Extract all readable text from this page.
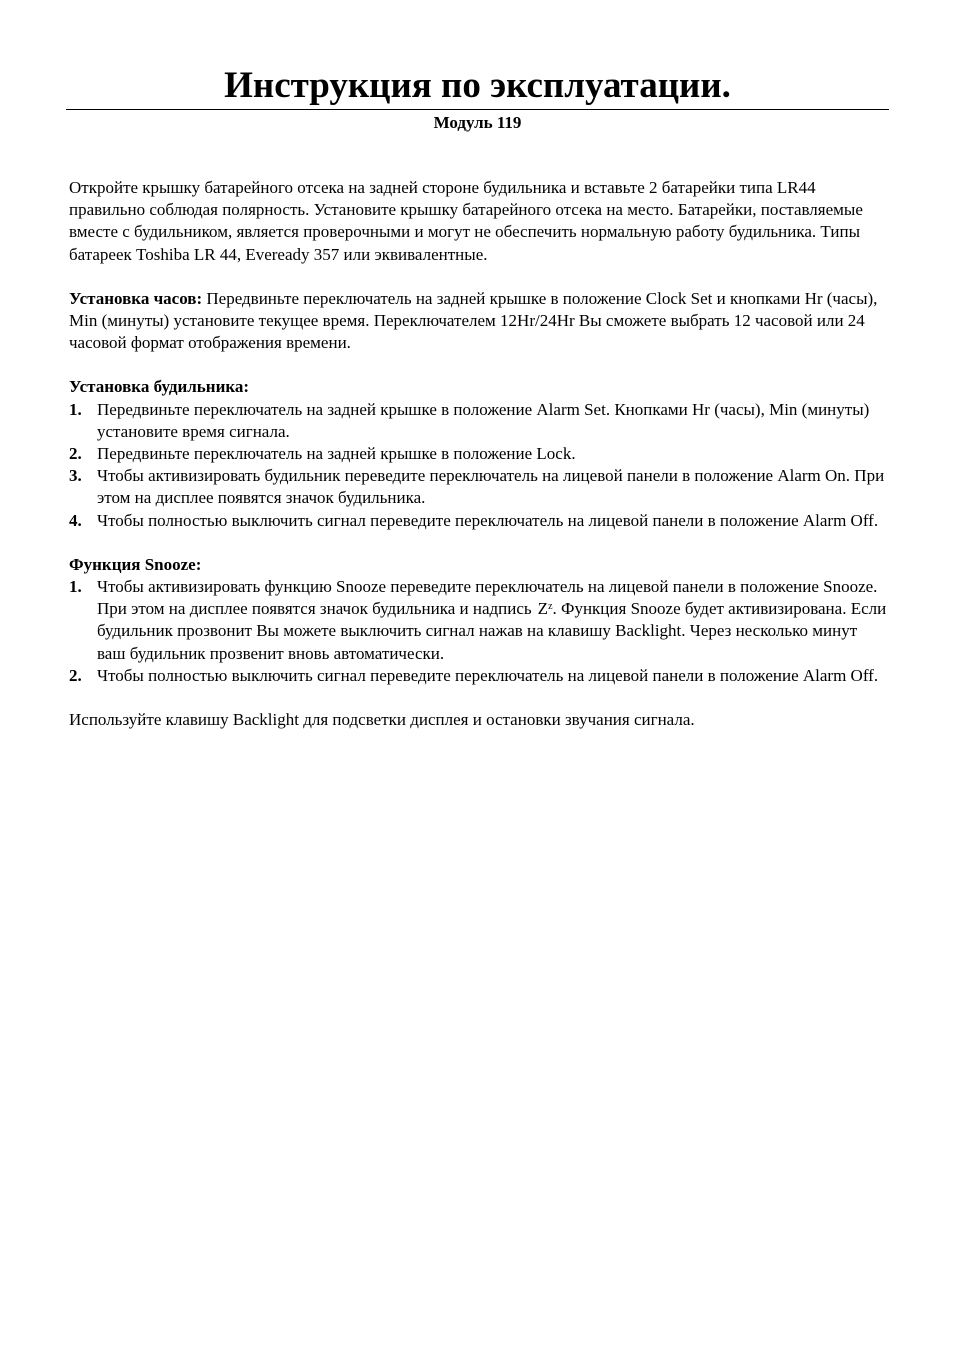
Инструкция по эксплуатации.
Модуль 119

Откройте крышку батарейного отсека на задней стороне будильника и вставьте 2 батарейки типа LR44 правильно соблюдая полярность. Установите крышку батарейного отсека на место. Батарейки, поставляемые вместе с будильником, является проверочными и могут не обеспечить нормальную работу будильника. Типы батареек Toshiba LR 44, Eveready 357 или эквивалентные.

Установка часов: Передвиньте переключатель на задней крышке в положение Clock Set и кнопками Hr (часы), Min (минуты) установите текущее время. Переключателем 12Hr/24Hr Вы сможете выбрать 12 часовой или 24 часовой формат отображения времени.

Установка будильника:

1. Передвиньте переключатель на задней крышке в положение Alarm Set. Кнопками Hr (часы), Min (минуты) установите время сигнала.
2. Передвиньте переключатель на задней крышке в положение Lock.
3. Чтобы активизировать будильник переведите переключатель на лицевой панели в положение Alarm On. При этом на дисплее появятся значок будильника.
4. Чтобы полностью выключить сигнал переведите переключатель на лицевой панели в положение Alarm Off.

Функция Snooze:

1. Чтобы активизировать функцию Snooze переведите переключатель на лицевой панели в положение Snooze. При этом на дисплее появятся значок будильника и надпись $Z^z$. Функция Snooze будет активизирована. Если будильник прозвонит Вы можете выключить сигнал нажав на клавишу Backlight. Через несколько минут ваш будильник прозвенит вновь автоматически.
2. Чтобы полностью выключить сигнал переведите переключатель на лицевой панели в положение Alarm Off.

Используйте клавишу Backlight для подсветки дисплея и остановки звучания сигнала.
